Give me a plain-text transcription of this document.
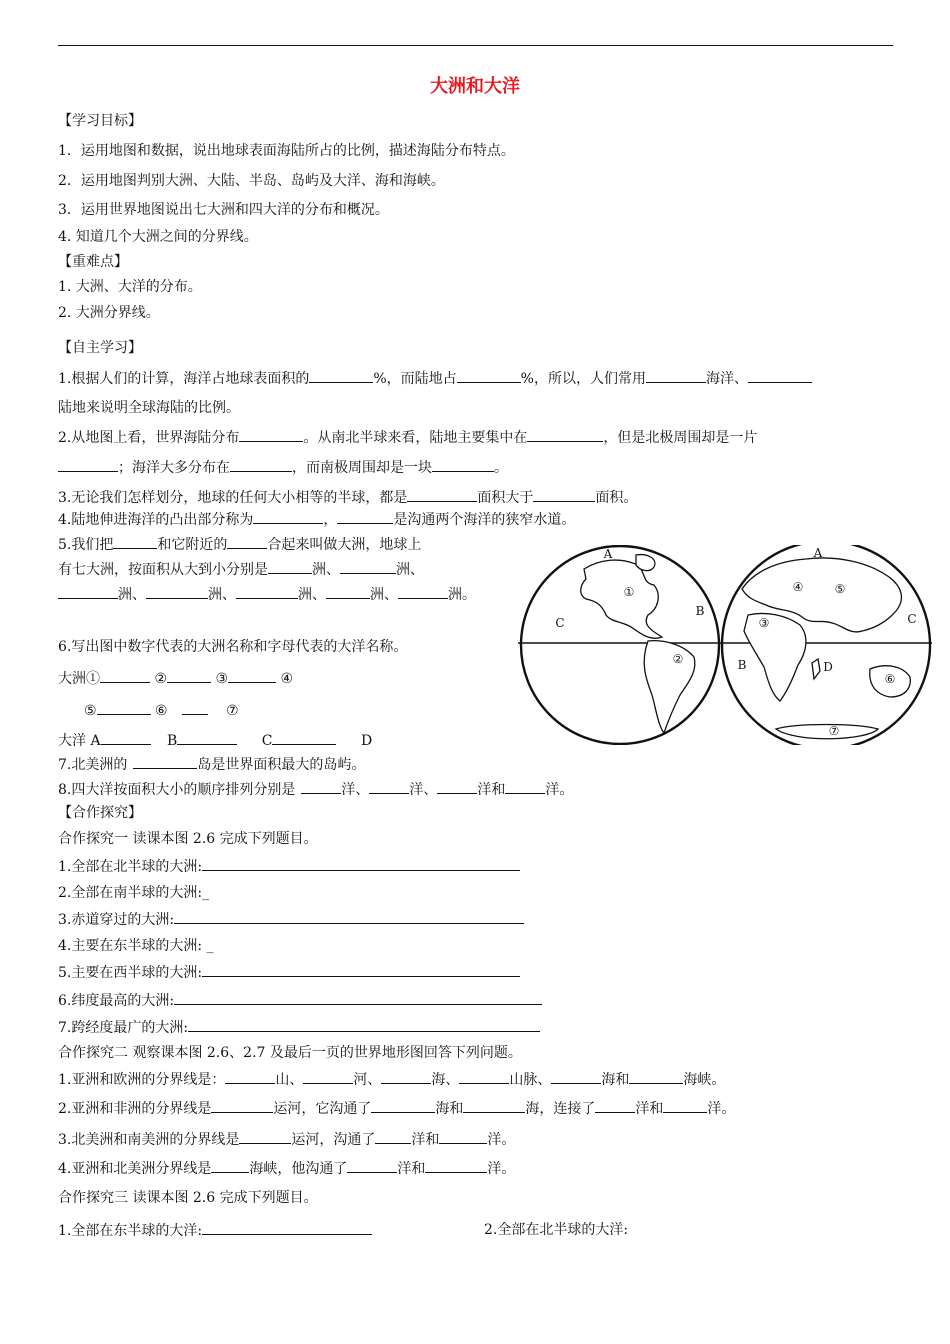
大洲和大洋
【学习目标】
1．运用地图和数据，说出地球表面海陆所占的比例，描述海陆分布特点。
2．运用地图判别大洲、大陆、半岛、岛屿及大洋、海和海峡。
3．运用世界地图说出七大洲和四大洋的分布和概况。
4. 知道几个大洲之间的分界线。
【重难点】
1. 大洲、大洋的分布。
2. 大洲分界线。
【自主学习】
1.根据人们的计算，海洋占地球表面积的	%，而陆地占	%，所以，人们常用	海洋、
陆地来说明全球海陆的比例。
2.从地图上看，世界海陆分布	。从南北半球来看，陆地主要集中在	，但是北极周围却是一片
；海洋大多分布在	，而南极周围却是一块	。
3.无论我们怎样划分，地球的任何大小相等的半球，都是	面积大于	面积。
4.陆地伸进海洋的凸出部分称为	，	是沟通两个海洋的狭窄水道。
5.我们把	和它附近的	合起来叫做大洲，地球上
有七大洲，按面积从大到小分别是	洲、	洲、
洲、	洲、	洲、	洲、	洲。
6.写出图中数字代表的大洲名称和字母代表的大洋名称。
大洲①	②	③	④
⑤	⑥	⑦
大洋 A	B	C	D
7.北美洲的	岛是世界面积最大的岛屿。
8.四大洋按面积大小的顺序排列分别是	洋、	洋、	洋和	洋。
A
①
B
C
②
A
④	⑤
③	C
B	D
⑥
⑦
【合作探究】
合作探究一 读课本图 2.6 完成下列题目。
1.全部在北半球的大洲:
2.全部在南半球的大洲:_
3.赤道穿过的大洲:
4.主要在东半球的大洲: _
5.主要在西半球的大洲:
6.纬度最高的大洲:
7.跨经度最广的大洲:
合作探究二 观察课本图 2.6、2.7 及最后一页的世界地形图回答下列问题。
1.亚洲和欧洲的分界线是：	山、	河、	海、	山脉、	海和	海峡。
2.亚洲和非洲的分界线是	运河，它沟通了	海和	海，连接了	洋和	洋。
3.北美洲和南美洲的分界线是	运河，沟通了	洋和	洋。
4.亚洲和北美洲分界线是	海峡，他沟通了	洋和	洋。
合作探究三 读课本图 2.6 完成下列题目。
1.全部在东半球的大洋:	2.全部在北半球的大洋:
